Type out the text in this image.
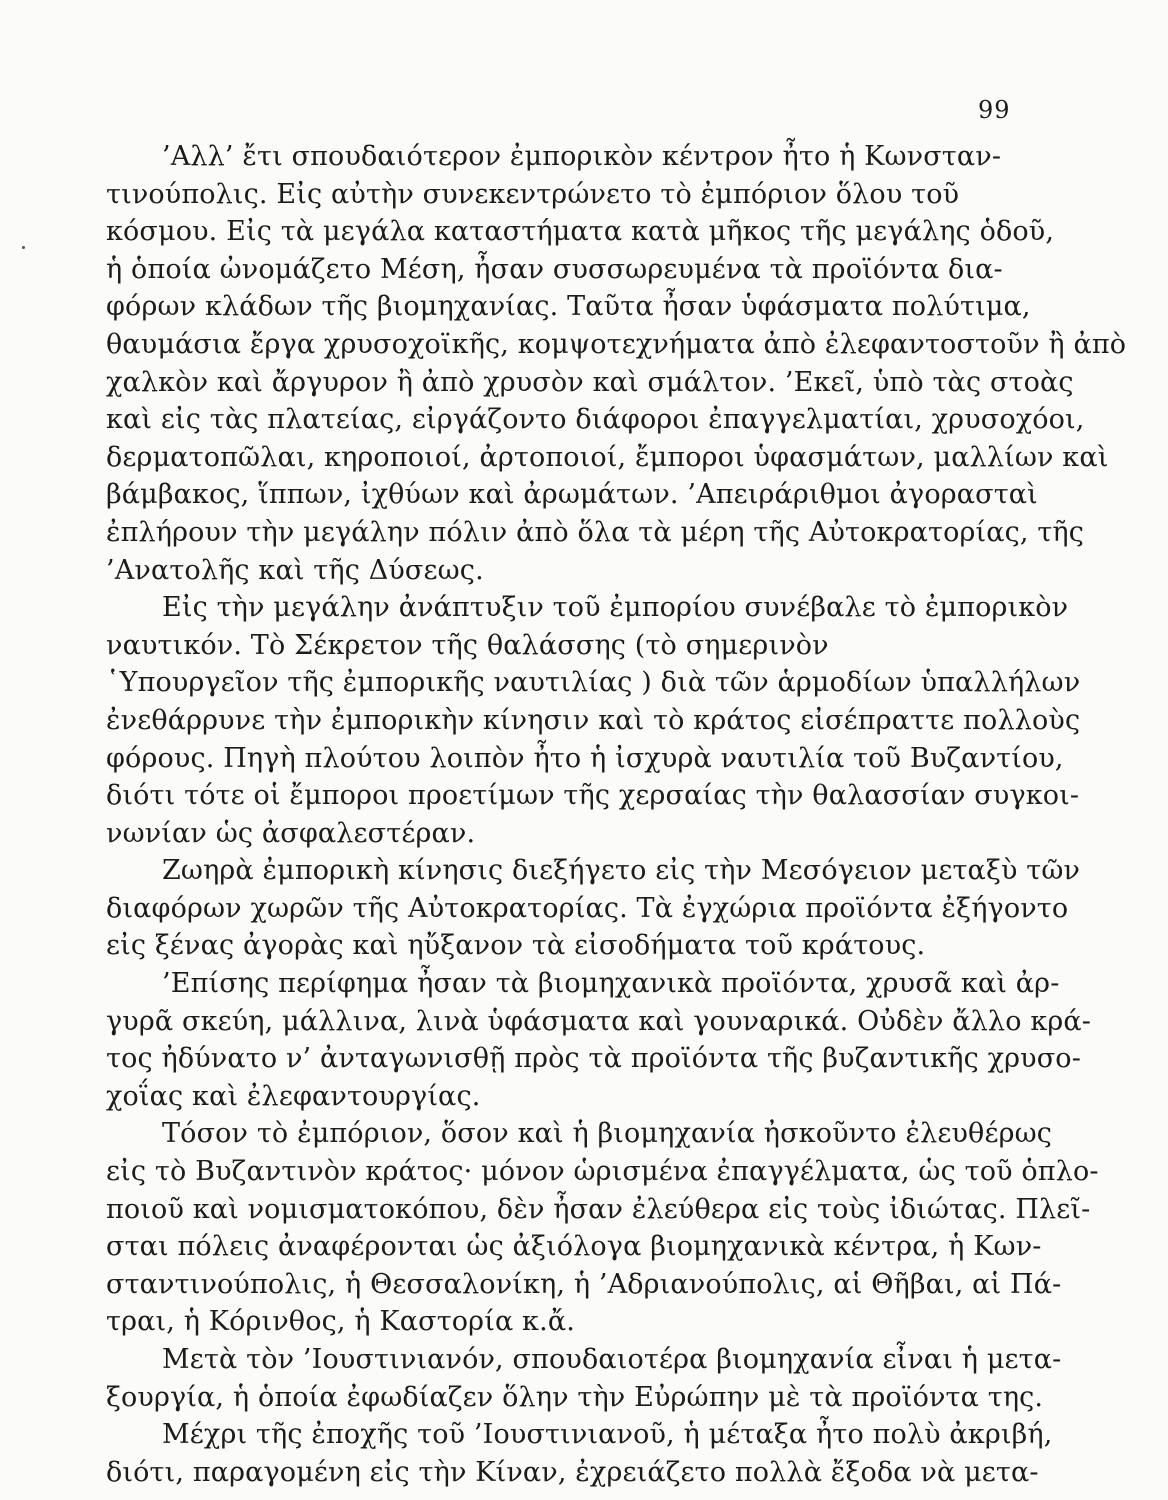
99
’Αλλ’ ἔτι σπουδαιότερον ἐμπορικὸν κέντρον ἦτο ἡ Κωνσταν-
τινούπολις. Εἰς αὐτὴν συνεκεντρώνετο τὸ ἐμπόριον ὅλου τοῦ
κόσμου. Εἰς τὰ μεγάλα καταστήματα κατὰ μῆκος τῆς μεγάλης ὁδοῦ,
ἡ ὁποία ὠνομάζετο Μέση, ἦσαν συσσωρευμένα τὰ προϊόντα δια-
φόρων κλάδων τῆς βιομηχανίας. Ταῦτα ἦσαν ὑφάσματα πολύτιμα,
θαυμάσια ἔργα χρυσοχοϊκῆς, κομψοτεχνήματα ἀπὸ ἐλεφαντοστοῦν ἢ ἀπὸ
χαλκὸν καὶ ἄργυρον ἢ ἀπὸ χρυσὸν καὶ σμάλτον. ’Εκεῖ, ὑπὸ τὰς στοὰς
καὶ εἰς τὰς πλατείας, εἰργάζοντο διάφοροι ἐπαγγελματίαι, χρυσοχόοι,
δερματοπῶλαι, κηροποιοί, ἀρτοποιοί, ἔμποροι ὑφασμάτων, μαλλίων καὶ
βάμβακος, ἵππων, ἰχθύων καὶ ἀρωμάτων. ’Απειράριθμοι ἀγορασταὶ
ἐπλήρουν τὴν μεγάλην πόλιν ἀπὸ ὅλα τὰ μέρη τῆς Αὐτοκρατορίας, τῆς
’Ανατολῆς καὶ τῆς Δύσεως.
Εἰς τὴν μεγάλην ἀνάπτυξιν τοῦ ἐμπορίου συνέβαλε τὸ ἐμπορικὸν
ναυτικόν. Τὸ Σέκρετον τῆς θαλάσσης (τὸ σημερινὸν
῾Υπουργεῖον τῆς ἐμπορικῆς ναυτιλίας ) διὰ τῶν ἁρμοδίων ὑπαλλήλων
ἐνεθάρρυνε τὴν ἐμπορικὴν κίνησιν καὶ τὸ κράτος εἰσέπραττε πολλοὺς
φόρους. Πηγὴ πλούτου λοιπὸν ἦτο ἡ ἰσχυρὰ ναυτιλία τοῦ Βυζαντίου,
διότι τότε οἱ ἔμποροι προετίμων τῆς χερσαίας τὴν θαλασσίαν συγκοι-
νωνίαν ὡς ἀσφαλεστέραν.
Ζωηρὰ ἐμπορικὴ κίνησις διεξήγετο εἰς τὴν Μεσόγειον μεταξὺ τῶν
διαφόρων χωρῶν τῆς Αὐτοκρατορίας. Τὰ ἐγχώρια προϊόντα ἐξήγοντο
εἰς ξένας ἀγορὰς καὶ ηὔξανον τὰ εἰσοδήματα τοῦ κράτους.
’Επίσης περίφημα ἦσαν τὰ βιομηχανικὰ προϊόντα, χρυσᾶ καὶ ἀρ-
γυρᾶ σκεύη, μάλλινα, λινὰ ὑφάσματα καὶ γουναρικά. Οὐδὲν ἄλλο κρά-
τος ἠδύνατο ν’ ἀνταγωνισθῇ πρὸς τὰ προϊόντα τῆς βυζαντικῆς χρυσο-
χοΐας καὶ ἐλεφαντουργίας.
Τόσον τὸ ἐμπόριον, ὅσον καὶ ἡ βιομηχανία ἠσκοῦντο ἐλευθέρως
εἰς τὸ Βυζαντινὸν κράτος· μόνον ὡρισμένα ἐπαγγέλματα, ὡς τοῦ ὁπλο-
ποιοῦ καὶ νομισματοκόπου, δὲν ἦσαν ἐλεύθερα εἰς τοὺς ἰδιώτας. Πλεῖ-
σται πόλεις ἀναφέρονται ὡς ἀξιόλογα βιομηχανικὰ κέντρα, ἡ Κων-
σταντινούπολις, ἡ Θεσσαλονίκη, ἡ ’Αδριανούπολις, αἱ Θῆβαι, αἱ Πά-
τραι, ἡ Κόρινθος, ἡ Καστορία κ.ἄ.
Μετὰ τὸν ’Ιουστινιανόν, σπουδαιοτέρα βιομηχανία εἶναι ἡ μετα-
ξουργία, ἡ ὁποία ἐφωδίαζεν ὅλην τὴν Εὐρώπην μὲ τὰ προϊόντα της.
Μέχρι τῆς ἐποχῆς τοῦ ’Ιουστινιανοῦ, ἡ μέταξα ἦτο πολὺ ἀκριβή,
διότι, παραγομένη εἰς τὴν Κίναν, ἐχρειάζετο πολλὰ ἔξοδα νὰ μετα-
